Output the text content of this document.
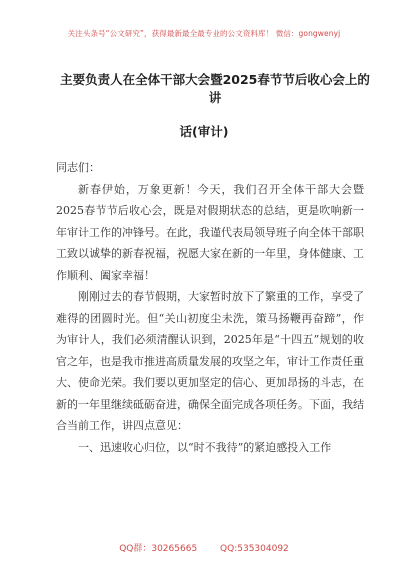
关注头条号“公文研究”，获得最新最全最专业的公文资料库！ 微信：gongwenyj
主要负责人在全体干部大会暨2025春节节后收心会上的讲
话(审计)

同志们：

新春伊始，万象更新！今天，我们召开全体干部大会暨2025春节节后收心会，既是对假期状态的总结，更是吹响新一年审计工作的冲锋号。在此，我谨代表局领导班子向全体干部职工致以诚挚的新春祝福，祝愿大家在新的一年里，身体健康、工作顺利、阖家幸福！

刚刚过去的春节假期，大家暂时放下了繁重的工作，享受了难得的团圆时光。但“关山初度尘未洗，策马扬鞭再奋蹄”，作为审计人，我们必须清醒认识到，2025年是“十四五”规划的收官之年，也是我市推进高质量发展的攻坚之年，审计工作责任重大、使命光荣。我们要以更加坚定的信心、更加昂扬的斗志，在新的一年里继续砥砺奋进，确保全面完成各项任务。下面，我结合当前工作，讲四点意见：

一、迅速收心归位，以“时不我待”的紧迫感投入工作

QQ群：30265665	QQ:535304092
